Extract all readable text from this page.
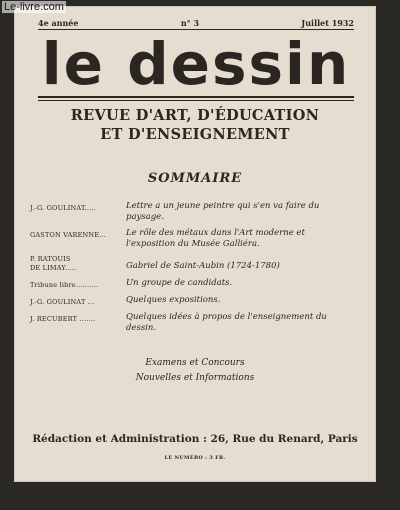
Le-livre.com
4e année	n° 3	Juillet 1932
le dessin
REVUE D'ART, D'ÉDUCATION
ET D'ENSEIGNEMENT
SOMMAIRE
J.-G. GOULINAT.....	Lettre a un jeune peintre qui s'en va faire du paysage.
GASTON VARENNE...	Le rôle des métaux dans l'Art moderne et l'exposition du Musée Galliéra.
P. RATOUIS
DE LIMAY.....	Gabriel de Saint-Aubin (1724-1780)
Tribune libre..........	Un groupe de candidats.
J.-G. GOULINAT ...	Quelques expositions.
J. RECUBERT .......	Quelques idées à propos de l'enseignement du dessin.
Examens et Concours
Nouvelles et Informations
Rédaction et Administration : 26, Rue du Renard, Paris
LE NUMÉRO : 3 FR.
